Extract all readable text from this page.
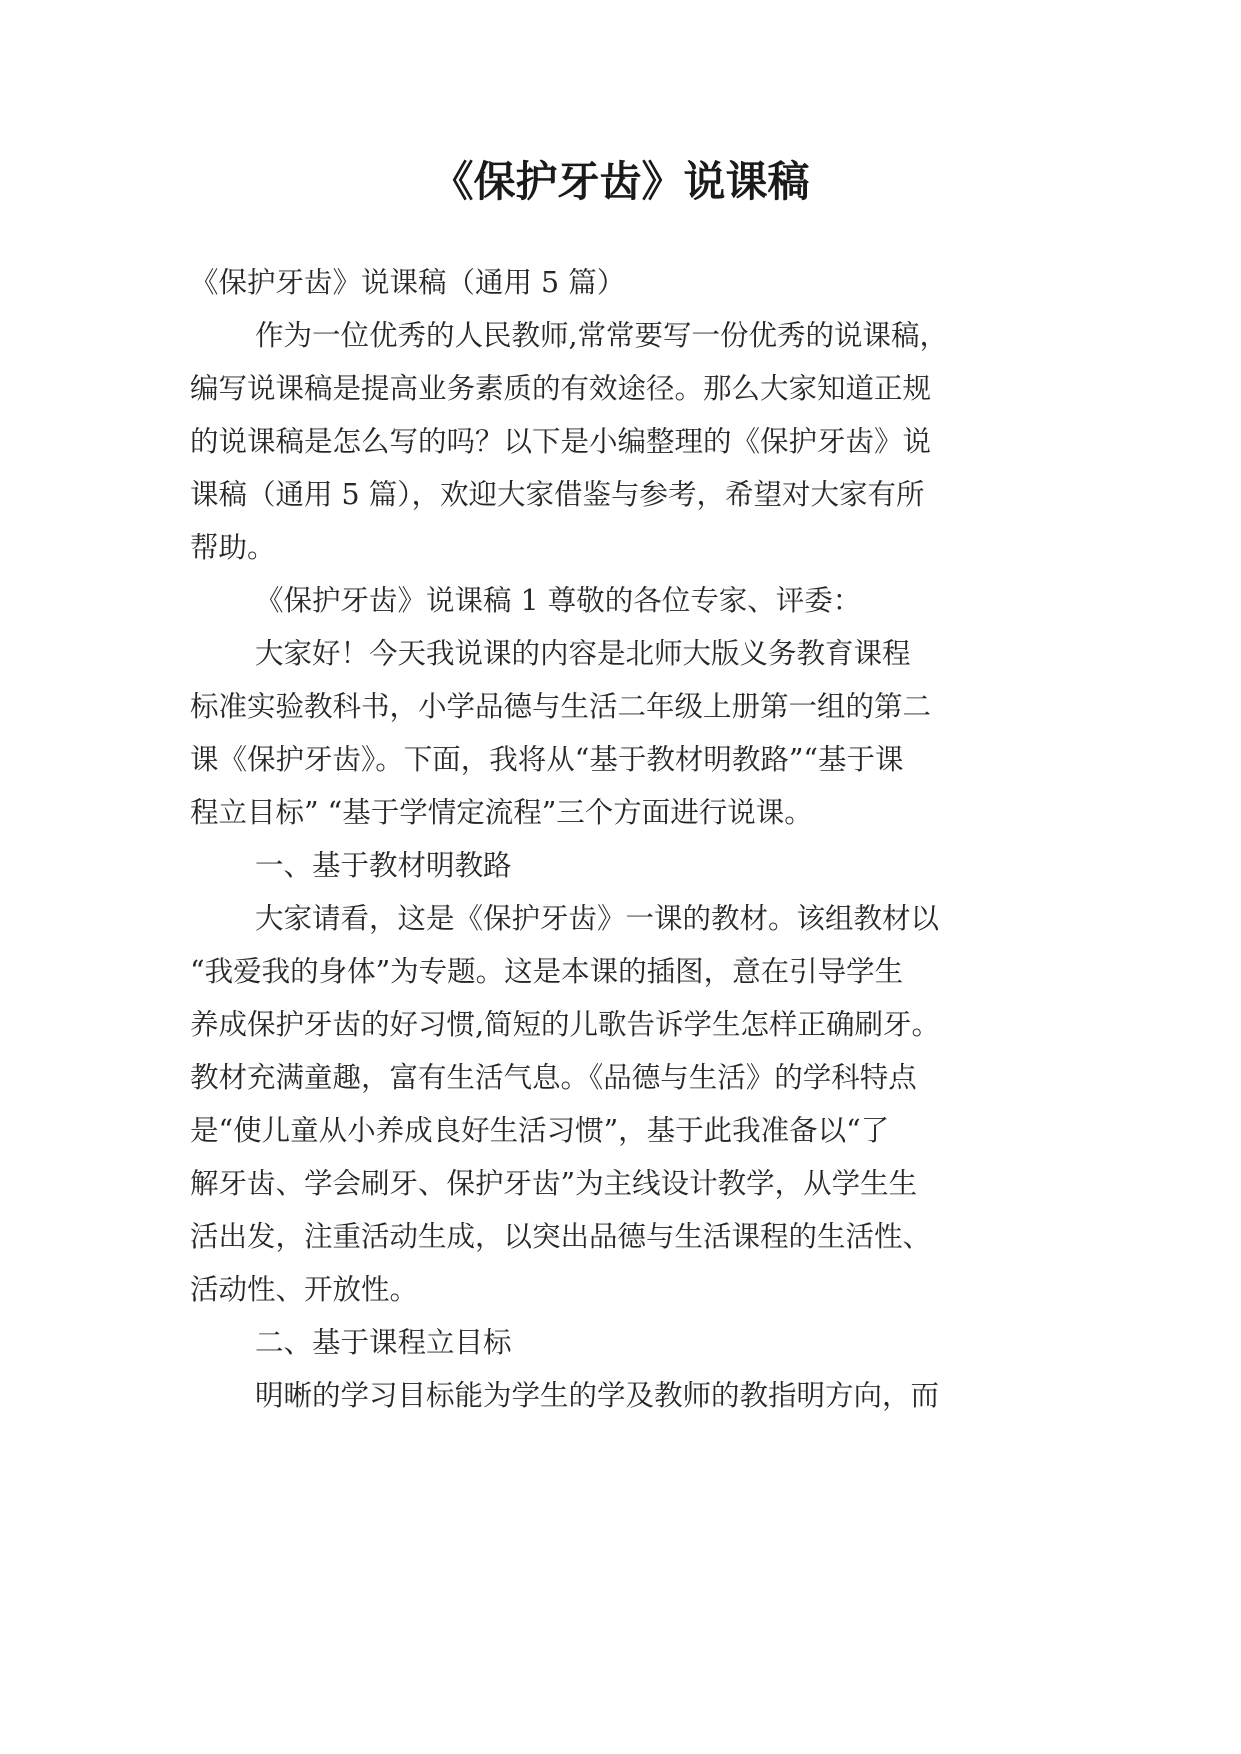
《保护牙齿》说课稿

《保护牙齿》说课稿（通用 5 篇）

作为一位优秀的人民教师,常常要写一份优秀的说课稿，

编写说课稿是提高业务素质的有效途径。那么大家知道正规

的说课稿是怎么写的吗？以下是小编整理的《保护牙齿》说

课稿（通用 5 篇），欢迎大家借鉴与参考，希望对大家有所

帮助。

《保护牙齿》说课稿 1 尊敬的各位专家、评委：

大家好！今天我说课的内容是北师大版义务教育课程

标准实验教科书，小学品德与生活二年级上册第一组的第二

课《保护牙齿》。下面，我将从“基于教材明教路”“基于课

程立目标” “基于学情定流程”三个方面进行说课。

一、基于教材明教路

大家请看，这是《保护牙齿》一课的教材。该组教材以

“我爱我的身体”为专题。这是本课的插图，意在引导学生

养成保护牙齿的好习惯,简短的儿歌告诉学生怎样正确刷牙。

教材充满童趣，富有生活气息。《品德与生活》的学科特点

是“使儿童从小养成良好生活习惯”，基于此我准备以“了

解牙齿、学会刷牙、保护牙齿”为主线设计教学，从学生生

活出发，注重活动生成，以突出品德与生活课程的生活性、

活动性、开放性。

二、基于课程立目标

明晰的学习目标能为学生的学及教师的教指明方向，而
